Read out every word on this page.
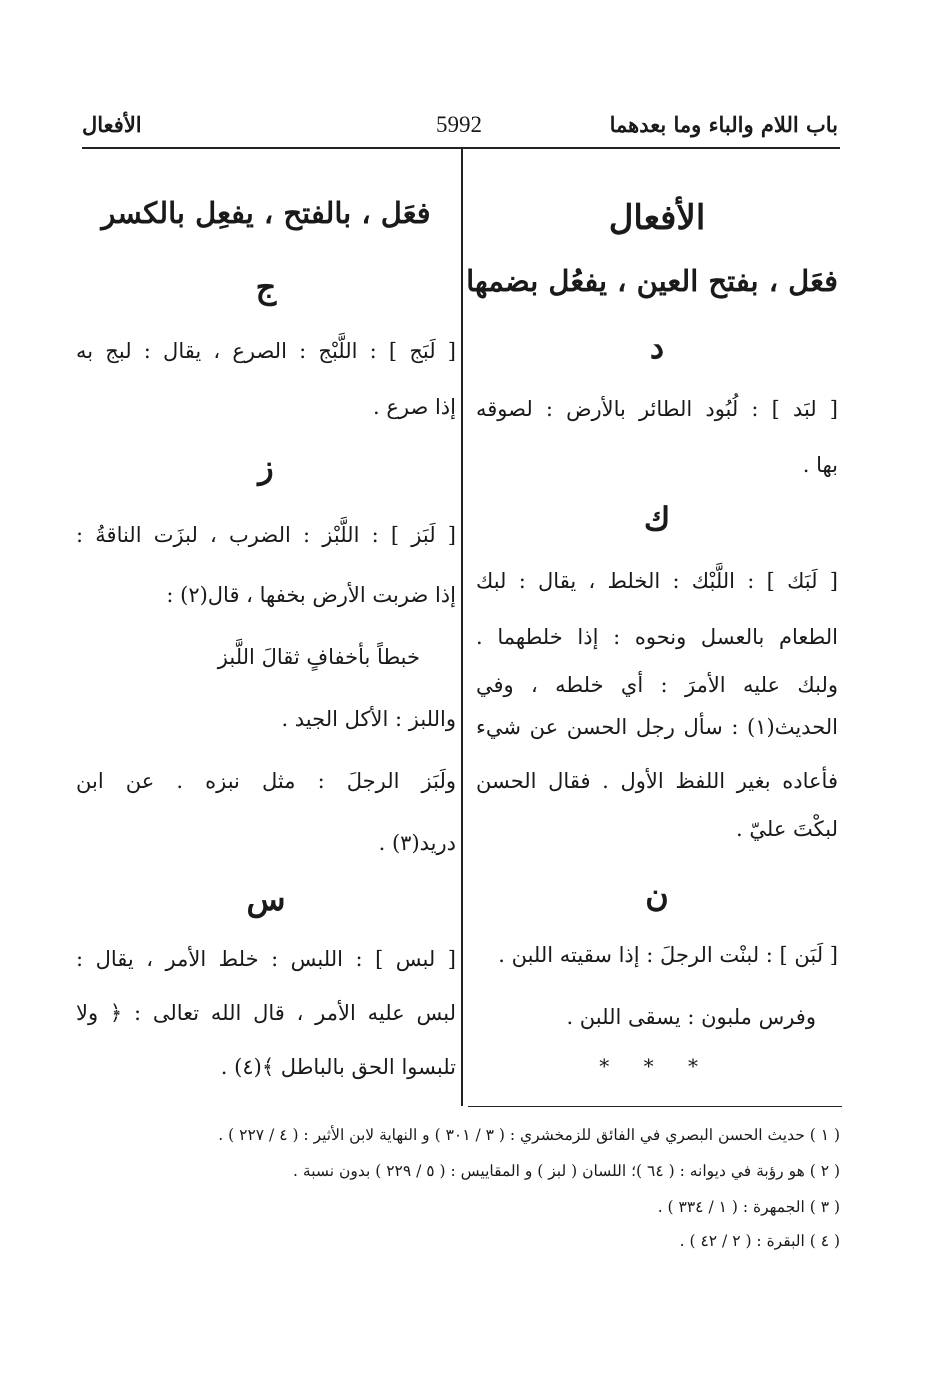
باب اللام والباء وما بعدهما
5992
الأفعال
الأفعال
فعَل ، بفتح العين ، يفعُل بضمها
د
[ لبَد ] : لُبُود الطائر بالأرض : لصوقه
بها .
ك
[ لَبَك ] : اللَّبْك : الخلط ، يقال : لبك
الطعام بالعسل ونحوه : إذا خلطهما .
ولبك عليه الأمرَ : أي خلطه ، وفي
الحديث(١) : سأل رجل الحسن عن شيء
فأعاده بغير اللفظ الأول . فقال الحسن
لبكْتَ عليّ .
ن
[ لَبَن ] : لبنْت الرجلَ : إذا سقيته اللبن .
وفرس ملبون : يسقى اللبن .
* * *
فعَل ، بالفتح ، يفعِل بالكسر
ج
[ لَبَج ] : اللَّبْج : الصرع ، يقال : لبج به
إذا صرع .
ز
[ لَبَز ] : اللَّبْز : الضرب ، لبزَت الناقةُ :
إذا ضربت الأرض بخفها ، قال(٢) :
خبطاً بأخفافٍ ثقالَ اللَّبز
واللبز : الأكل الجيد .
ولَبَز الرجلَ : مثل نبزه . عن ابن
دريد(٣) .
س
[ لبس ] : اللبس : خلط الأمر ، يقال :
لبس عليه الأمر ، قال الله تعالى : ﴿ ولا
تلبسوا الحق بالباطل ﴾(٤) .
( ١ ) حديث الحسن البصري في الفائق للزمخشري : ( ٣ / ٣٠١ ) و النهاية لابن الأثير : ( ٤ / ٢٢٧ ) .
( ٢ ) هو رؤبة في ديوانه : ( ٦٤ )؛ اللسان ( لبز ) و المقاييس : ( ٥ / ٢٢٩ ) بدون نسبة .
( ٣ ) الجمهرة : ( ١ / ٣٣٤ ) .
( ٤ ) البقرة : ( ٢ / ٤٢ ) .
